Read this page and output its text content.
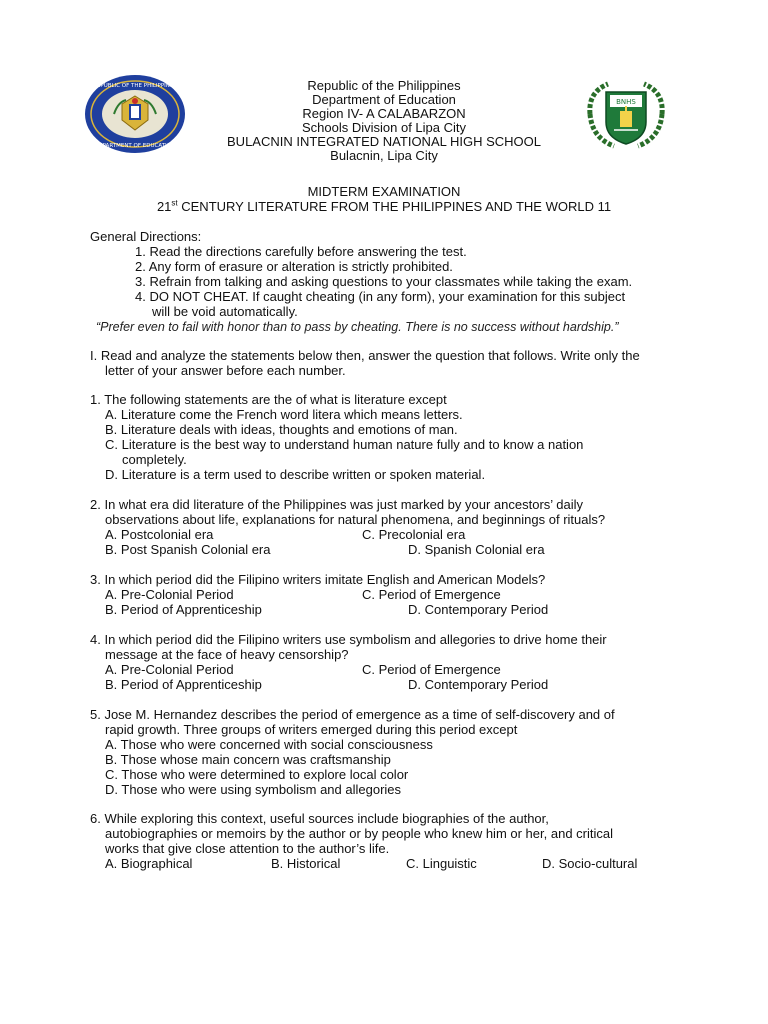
REPUBLIC OF THE PHILIPPINES
DEPARTMENT OF EDUCATION
BNHS
Republic of the Philippines
Department of Education
Region IV- A CALABARZON
Schools Division of Lipa City
BULACNIN INTEGRATED NATIONAL HIGH SCHOOL
Bulacnin, Lipa City
MIDTERM EXAMINATION
21st CENTURY LITERATURE FROM THE PHILIPPINES AND THE WORLD 11
General Directions:
1. Read the directions carefully before answering the test.
2. Any form of erasure or alteration is strictly prohibited.
3. Refrain from talking and asking questions to your classmates while taking the exam.
4. DO NOT CHEAT. If caught cheating (in any form), your examination for this subject
will be void automatically.
“Prefer even to fail with honor than to pass by cheating. There is no success without hardship.”
I. Read and analyze the statements below then, answer the question that follows. Write only the
letter of your answer before each number.
1. The following statements are the of what is literature except
A. Literature come the French word litera which means letters.
B. Literature deals with ideas, thoughts and emotions of man.
C. Literature is the best way to understand human nature fully and to know a nation
completely.
D. Literature is a term used to describe written or spoken material.
2. In what era did literature of the Philippines was just marked by your ancestors’ daily
observations about life, explanations for natural phenomena, and beginnings of rituals?
A. Postcolonial era	C. Precolonial era
B. Post Spanish Colonial era	D. Spanish Colonial era
3. In which period did the Filipino writers imitate English and American Models?
A. Pre-Colonial Period	C. Period of Emergence
B. Period of Apprenticeship	D. Contemporary Period
4. In which period did the Filipino writers use symbolism and allegories to drive home their
message at the face of heavy censorship?
A. Pre-Colonial Period	C. Period of Emergence
B. Period of Apprenticeship	D. Contemporary Period
5. Jose M. Hernandez describes the period of emergence as a time of self-discovery and of
rapid growth. Three groups of writers emerged during this period except
A. Those who were concerned with social consciousness
B. Those whose main concern was craftsmanship
C. Those who were determined to explore local color
D. Those who were using symbolism and allegories
6. While exploring this context, useful sources include biographies of the author,
autobiographies or memoirs by the author or by people who knew him or her, and critical
works that give close attention to the author’s life.
A. Biographical	B. Historical	C. Linguistic	D. Socio-cultural
